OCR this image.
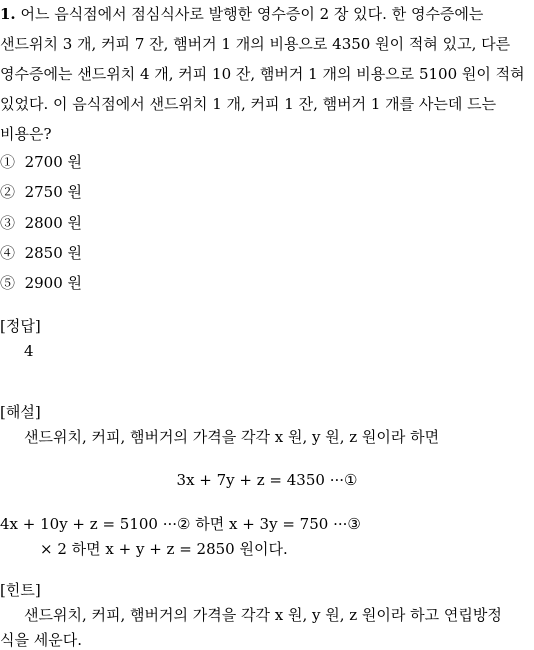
1. 어느 음식점에서 점심식사로 발행한 영수증이 2 장 있다. 한 영수증에는
샌드위치 3 개, 커피 7 잔, 햄버거 1 개의 비용으로 4350 원이 적혀 있고, 다른
영수증에는 샌드위치 4 개, 커피 10 잔, 햄버거 1 개의 비용으로 5100 원이 적혀
있었다. 이 음식점에서 샌드위치 1 개, 커피 1 잔, 햄버거 1 개를 사는데 드는
비용은?
① 2700 원
② 2750 원
③ 2800 원
④ 2850 원
⑤ 2900 원
[정답]
4
[해설]
샌드위치, 커피, 햄버거의 가격을 각각 x 원, y 원, z 원이라 하면
3x + 7y + z = 4350 ···①
4x + 10y + z = 5100 ···② 하면 x + 3y = 750 ···③
× 2 하면 x + y + z = 2850 원이다.
[힌트]
샌드위치, 커피, 햄버거의 가격을 각각 x 원, y 원, z 원이라 하고 연립방정
식을 세운다.
